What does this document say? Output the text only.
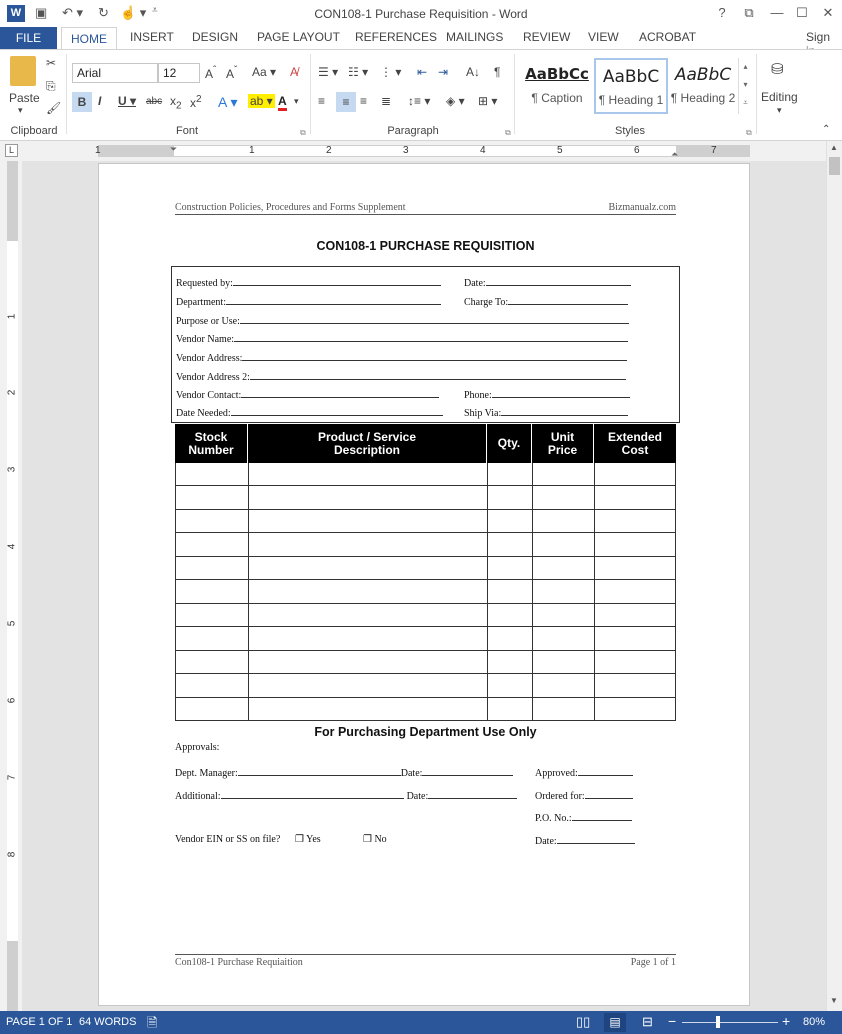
W ▣ ↶ ▾ ↻ ☝ ▾ ⩡	CON108-1 Purchase Requisition - Word	?	⧉	— ☐	✕
FILE	HOME	INSERT DESIGN PAGE LAYOUT REFERENCES MAILINGS REVIEW VIEW ACROBAT	Sign
Paste
▾
✂
⎘
🖌
Clipboard
Arial	12	$A^ˆ$ $A^ˇ$ Aa ▾ A̸
B I U ▾ abc $x_2$ $x^2$ A ▾ ab ▾ A ▾
Font	⧉
☰ ▾ ☷ ▾ ⋮ ▾ ⇤ ⇥ A↓ ¶
≡	≡ ≡ ≣ ↕≡ ▾ ◈ ▾ ⊞ ▾
Paragraph	⧉
AaBbCc
¶ Caption
AaBbC
¶ Heading 1
AaBbC
¶ Heading 2
▴
▾
⩡
Styles	⧉
⛁
Editing
▾
⌃
L	1	1	2	3	4	5	6	7
⏷	⏶
1
2
3
4
5
6
7
8
▲
▼
Construction Policies, Procedures and Forms Supplement	Bizmanualz.com
CON108-1 PURCHASE REQUISITION
Requested by:	Date:
Department:	Charge To:
Purpose or Use:
Vendor Name:
Vendor Address:
Vendor Address 2:
Vendor Contact:	Phone:
Date Needed:	Ship Via:
Stock
Number
Product / Service
Description	Qty.	Unit
Price
Extended
Cost
For Purchasing Department Use Only
Approvals:
Dept. Manager:	Date:	Approved:
Additional:	Date:	Ordered for:
P.O. No.:
Vendor EIN or SS on file? ❐ Yes	❐ No	Date:
Con108-1 Purchase Requiaition	Page 1 of 1
PAGE 1 OF 1 64 WORDS 🗎	▯▯	▤	⊟ −	+ 80%
